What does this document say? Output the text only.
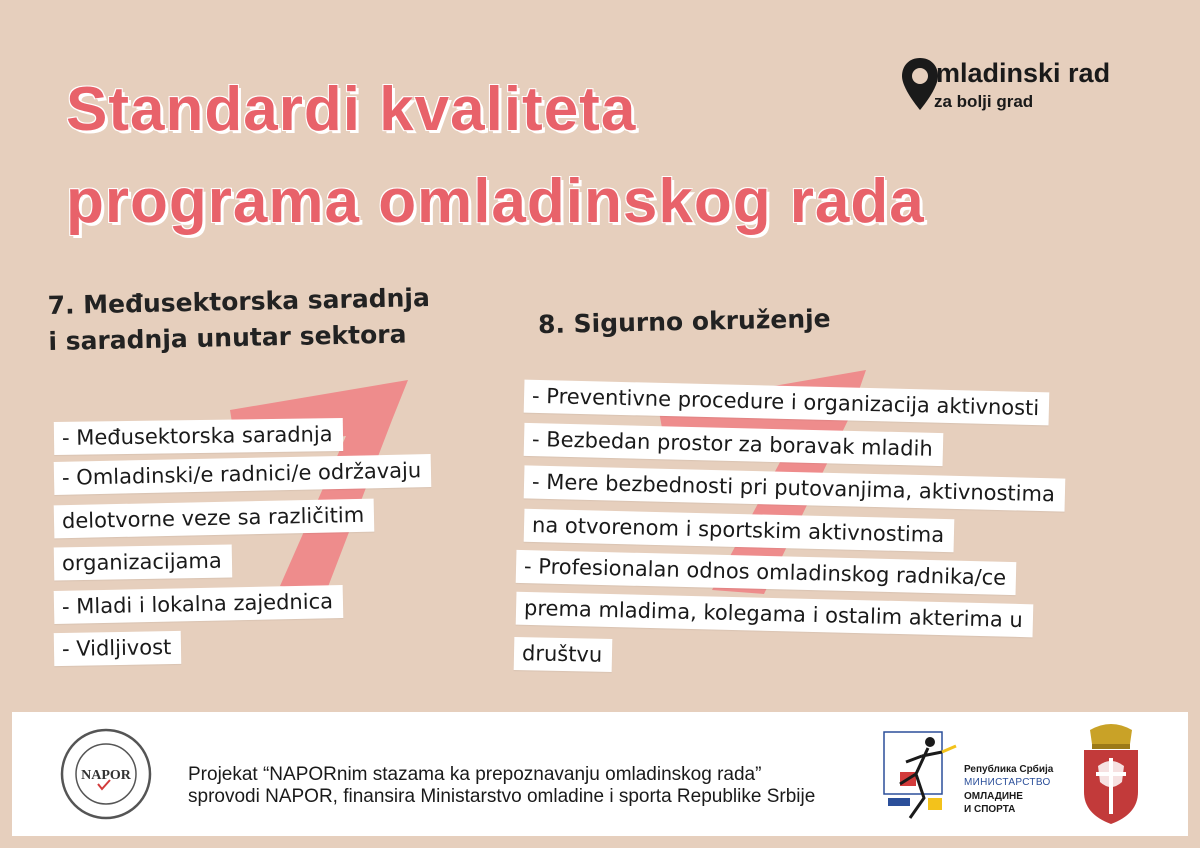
Standardi kvaliteta
programa omladinskog rada
mladinski rad
za bolji grad
7. Međusektorska saradnja
i saradnja unutar sektora	8. Sigurno okruženje
- Međusektorska saradnja
- Omladinski/e radnici/e održavaju
delotvorne veze sa različitim
organizacijama
- Mladi i lokalna zajednica
- Vidljivost
- Preventivne procedure i organizacija aktivnosti
- Bezbedan prostor za boravak mladih
- Mere bezbednosti pri putovanjima, aktivnostima
na otvorenom i sportskim aktivnostima
- Profesionalan odnos omladinskog radnika/ce
prema mladima, kolegama i ostalim akterima u
društvu
NAPOR	Projekat “NAPORnim stazama ka prepoznavanju omladinskog rada”
sprovodi NAPOR, finansira Ministarstvo omladine i sporta Republike Srbije
Република Србија
МИНИСТАРСТВО
ОМЛАДИНЕ
И СПОРТА
